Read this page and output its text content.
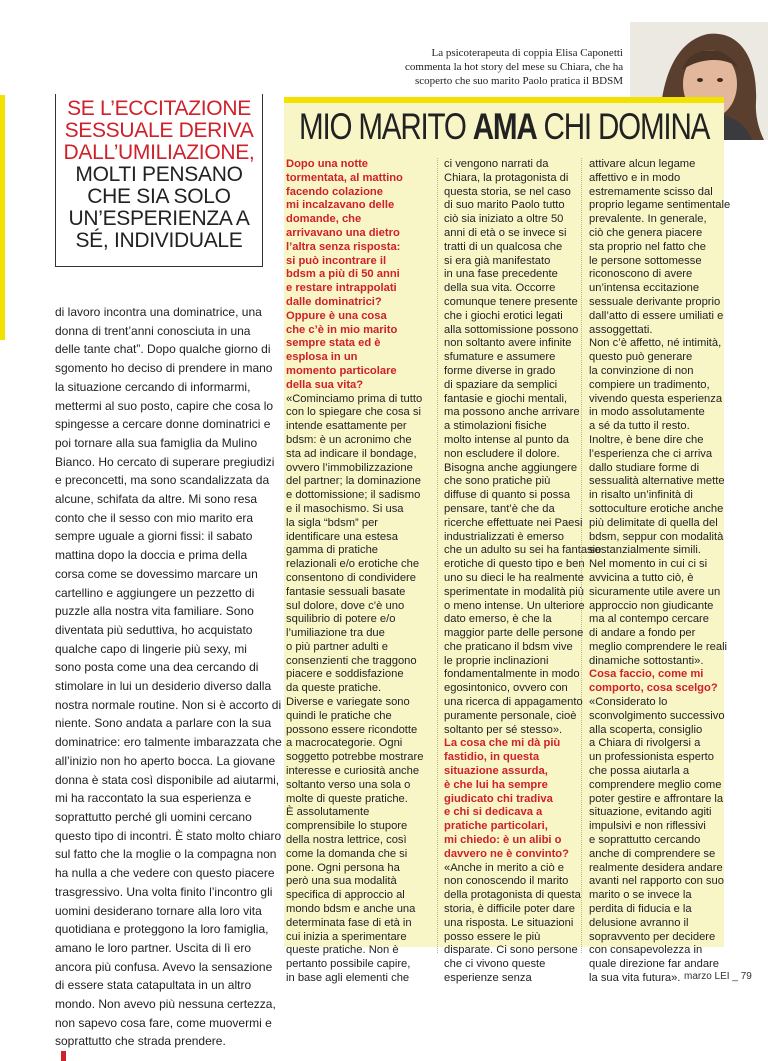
La psicoterapeuta di coppia Elisa Caponetti
commenta la hot story del mese su Chiara, che ha
scoperto che suo marito Paolo pratica il BDSM

SE L’ECCITAZIONE
SESSUALE DERIVA
DALL’UMILIAZIONE,
MOLTI PENSANO
CHE SIA SOLO
UN’ESPERIENZA A
SÉ, INDIVIDUALE

di lavoro incontra una dominatrice, una
donna di trent’anni conosciuta in una
delle tante chat”. Dopo qualche giorno di
sgomento ho deciso di prendere in mano
la situazione cercando di informarmi,
mettermi al suo posto, capire che cosa lo
spingesse a cercare donne dominatrici e
poi tornare alla sua famiglia da Mulino
Bianco. Ho cercato di superare pregiudizi
e preconcetti, ma sono scandalizzata da
alcune, schifata da altre. Mi sono resa
conto che il sesso con mio marito era
sempre uguale a giorni fissi: il sabato
mattina dopo la doccia e prima della
corsa come se dovessimo marcare un
cartellino e aggiungere un pezzetto di
puzzle alla nostra vita familiare. Sono
diventata più seduttiva, ho acquistato
qualche capo di lingerie più sexy, mi
sono posta come una dea cercando di
stimolare in lui un desiderio diverso dalla
nostra normale routine. Non si è accorto di
niente. Sono andata a parlare con la sua
dominatrice: ero talmente imbarazzata che
all’inizio non ho aperto bocca. La giovane
donna è stata così disponibile ad aiutarmi,
mi ha raccontato la sua esperienza e
soprattutto perché gli uomini cercano
questo tipo di incontri. È stato molto chiaro
sul fatto che la moglie o la compagna non
ha nulla a che vedere con questo piacere
trasgressivo. Una volta finito l’incontro gli
uomini desiderano tornare alla loro vita
quotidiana e proteggono la loro famiglia,
amano le loro partner. Uscita di lì ero
ancora più confusa. Avevo la sensazione
di essere stata catapultata in un altro
mondo. Non avevo più nessuna certezza,
non sapevo cosa fare, come muovermi e
soprattutto che strada prendere.
MIO MARITO AMA CHI DOMINA
Dopo una notte
tormentata, al mattino
facendo colazione
mi incalzavano delle
domande, che
arrivavano una dietro
l’altra senza risposta:
si può incontrare il
bdsm a più di 50 anni
e restare intrappolati
dalle dominatrici?
Oppure è una cosa
che c’è in mio marito
sempre stata ed è
esplosa in un
momento particolare
della sua vita?
«Cominciamo prima di tutto
con lo spiegare che cosa si
intende esattamente per
bdsm: è un acronimo che
sta ad indicare il bondage,
ovvero l’immobilizzazione
del partner; la dominazione
e dottomissione; il sadismo
e il masochismo. Si usa
la sigla “bdsm” per
identificare una estesa
gamma di pratiche
relazionali e/o erotiche che
consentono di condividere
fantasie sessuali basate
sul dolore, dove c’è uno
squilibrio di potere e/o
l’umiliazione tra due
o più partner adulti e
consenzienti che traggono
piacere e soddisfazione
da queste pratiche.
Diverse e variegate sono
quindi le pratiche che
possono essere ricondotte
a macrocategorie. Ogni
soggetto potrebbe mostrare
interesse e curiosità anche
soltanto verso una sola o
molte di queste pratiche.
È assolutamente
comprensibile lo stupore
della nostra lettrice, così
come la domanda che si
pone. Ogni persona ha
però una sua modalità
specifica di approccio al
mondo bdsm e anche una
determinata fase di età in
cui inizia a sperimentare
queste pratiche. Non è
pertanto possibile capire,
in base agli elementi che
ci vengono narrati da
Chiara, la protagonista di
questa storia, se nel caso
di suo marito Paolo tutto
ciò sia iniziato a oltre 50
anni di età o se invece si
tratti di un qualcosa che
si era già manifestato
in una fase precedente
della sua vita. Occorre
comunque tenere presente
che i giochi erotici legati
alla sottomissione possono
non soltanto avere infinite
sfumature e assumere
forme diverse in grado
di spaziare da semplici
fantasie e giochi mentali,
ma possono anche arrivare
a stimolazioni fisiche
molto intense al punto da
non escludere il dolore.
Bisogna anche aggiungere
che sono pratiche più
diffuse di quanto si possa
pensare, tant’è che da
ricerche effettuate nei Paesi
industrializzati è emerso
che un adulto su sei ha fantasie
erotiche di questo tipo e ben
uno su dieci le ha realmente
sperimentate in modalità più
o meno intense. Un ulteriore
dato emerso, è che la
maggior parte delle persone
che praticano il bdsm vive
le proprie inclinazioni
fondamentalmente in modo
egosintonico, ovvero con
una ricerca di appagamento
puramente personale, cioè
soltanto per sé stesso».
La cosa che mi dà più
fastidio, in questa
situazione assurda,
è che lui ha sempre
giudicato chi tradiva
e chi si dedicava a
pratiche particolari,
mi chiedo: è un alibi o
davvero ne è convinto?
«Anche in merito a ciò e
non conoscendo il marito
della protagonista di questa
storia, è difficile poter dare
una risposta. Le situazioni
posso essere le più
disparate. Ci sono persone
che ci vivono queste
esperienze senza
attivare alcun legame
affettivo e in modo
estremamente scisso dal
proprio legame sentimentale
prevalente. In generale,
ciò che genera piacere
sta proprio nel fatto che
le persone sottomesse
riconoscono di avere
un’intensa eccitazione
sessuale derivante proprio
dall’atto di essere umiliati e
assoggettati.
Non c’è affetto, né intimità,
questo può generare
la convinzione di non
compiere un tradimento,
vivendo questa esperienza
in modo assolutamente
a sé da tutto il resto.
Inoltre, è bene dire che
l’esperienza che ci arriva
dallo studiare forme di
sessualità alternative mette
in risalto un’infinità di
sottoculture erotiche anche
più delimitate di quella del
bdsm, seppur con modalità
sostanzialmente simili.
Nel momento in cui ci si
avvicina a tutto ciò, è
sicuramente utile avere un
approccio non giudicante
ma al contempo cercare
di andare a fondo per
meglio comprendere le reali
dinamiche sottostanti».
Cosa faccio, come mi
comporto, cosa scelgo?
«Considerato lo
sconvolgimento successivo
alla scoperta, consiglio
a Chiara di rivolgersi a
un professionista esperto
che possa aiutarla a
comprendere meglio come
poter gestire e affrontare la
situazione, evitando agiti
impulsivi e non riflessivi
e soprattutto cercando
anche di comprendere se
realmente desidera andare
avanti nel rapporto con suo
marito o se invece la
perdita di fiducia e la
delusione avranno il
sopravvento per decidere
con consapevolezza in
quale direzione far andare
la sua vita futura». marzo LEI _ 79
